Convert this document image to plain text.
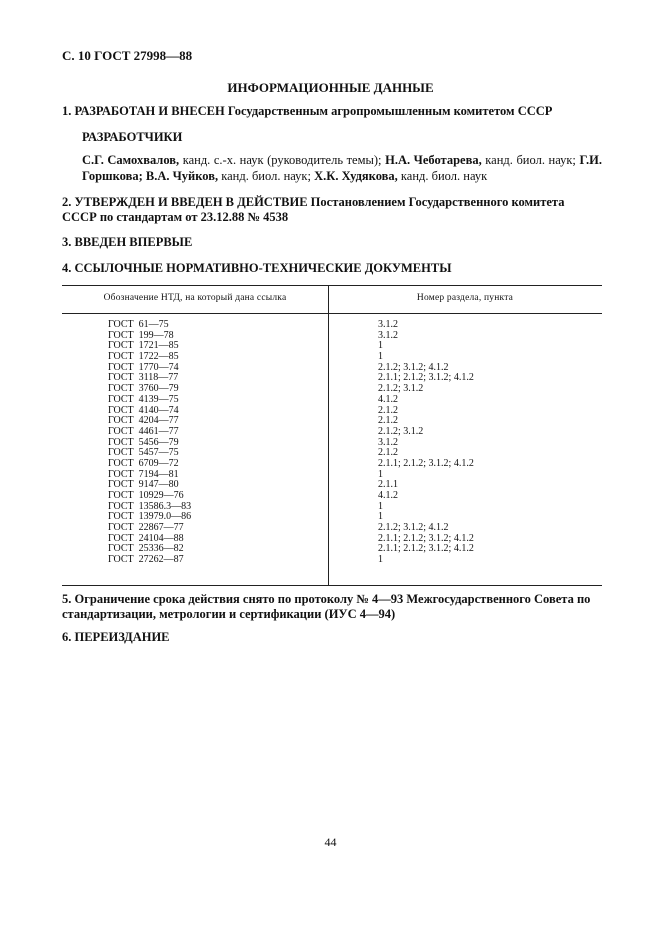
С. 10 ГОСТ 27998—88
ИНФОРМАЦИОННЫЕ ДАННЫЕ
1. РАЗРАБОТАН И ВНЕСЕН Государственным агропромышленным комитетом СССР
РАЗРАБОТЧИКИ
С.Г. Самохвалов, канд. с.-х. наук (руководитель темы); Н.А. Чеботарева, канд. биол. наук; Г.И. Горшкова; В.А. Чуйков, канд. биол. наук; Х.К. Худякова, канд. биол. наук
2. УТВЕРЖДЕН И ВВЕДЕН В ДЕЙСТВИЕ Постановлением Государственного комитета СССР по стандартам от 23.12.88 № 4538
3. ВВЕДЕН ВПЕРВЫЕ
4. ССЫЛОЧНЫЕ НОРМАТИВНО-ТЕХНИЧЕСКИЕ ДОКУМЕНТЫ
Обозначение НТД, на который дана ссылка	Номер раздела, пункта
ГОСТ  61—75	3.1.2
ГОСТ  199—78	3.1.2
ГОСТ  1721—85	1
ГОСТ  1722—85	1
ГОСТ  1770—74	2.1.2; 3.1.2; 4.1.2
ГОСТ  3118—77	2.1.1; 2.1.2; 3.1.2; 4.1.2
ГОСТ  3760—79	2.1.2; 3.1.2
ГОСТ  4139—75	4.1.2
ГОСТ  4140—74	2.1.2
ГОСТ  4204—77	2.1.2
ГОСТ  4461—77	2.1.2; 3.1.2
ГОСТ  5456—79	3.1.2
ГОСТ  5457—75	2.1.2
ГОСТ  6709—72	2.1.1; 2.1.2; 3.1.2; 4.1.2
ГОСТ  7194—81	1
ГОСТ  9147—80	2.1.1
ГОСТ  10929—76	4.1.2
ГОСТ  13586.3—83	1
ГОСТ  13979.0—86	1
ГОСТ  22867—77	2.1.2; 3.1.2; 4.1.2
ГОСТ  24104—88	2.1.1; 2.1.2; 3.1.2; 4.1.2
ГОСТ  25336—82	2.1.1; 2.1.2; 3.1.2; 4.1.2
ГОСТ  27262—87	1
5. Ограничение срока действия снято по протоколу № 4—93 Межгосударственного Совета по стандартизации, метрологии и сертификации (ИУС 4—94)
6. ПЕРЕИЗДАНИЕ
44
